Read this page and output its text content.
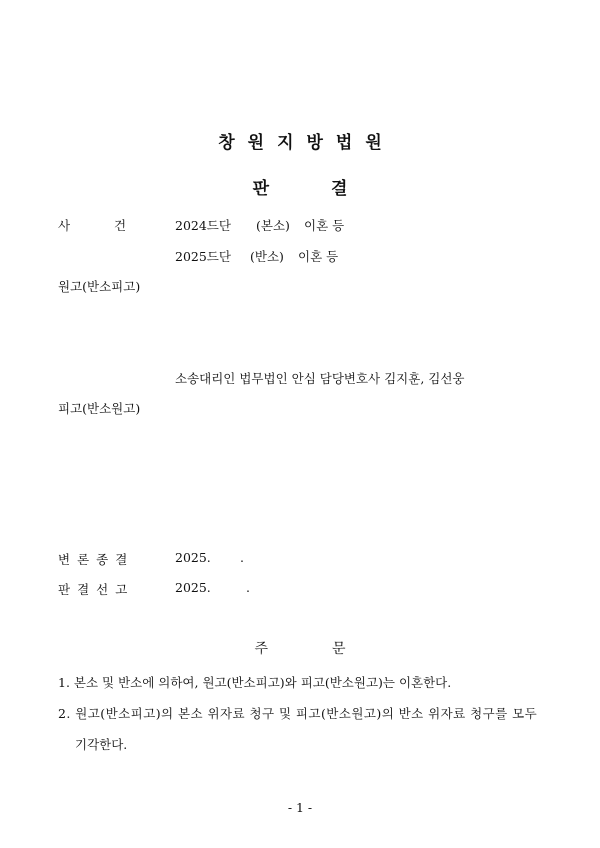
창원지방법원
판	결
사 건	2024드단 (본소) 이혼 등
2025드단 (반소) 이혼 등
원고(반소피고)
소송대리인 법무법인 안심 담당변호사 김지훈, 김선웅
피고(반소원고)
변론종결	2025. .
판결선고	2025.	.
주	문
1. 본소 및 반소에 의하여, 원고(반소피고)와 피고(반소원고)는 이혼한다.
2. 원고(반소피고)의 본소 위자료 청구 및 피고(반소원고)의 반소 위자료 청구를 모두
기각한다.
- 1 -
